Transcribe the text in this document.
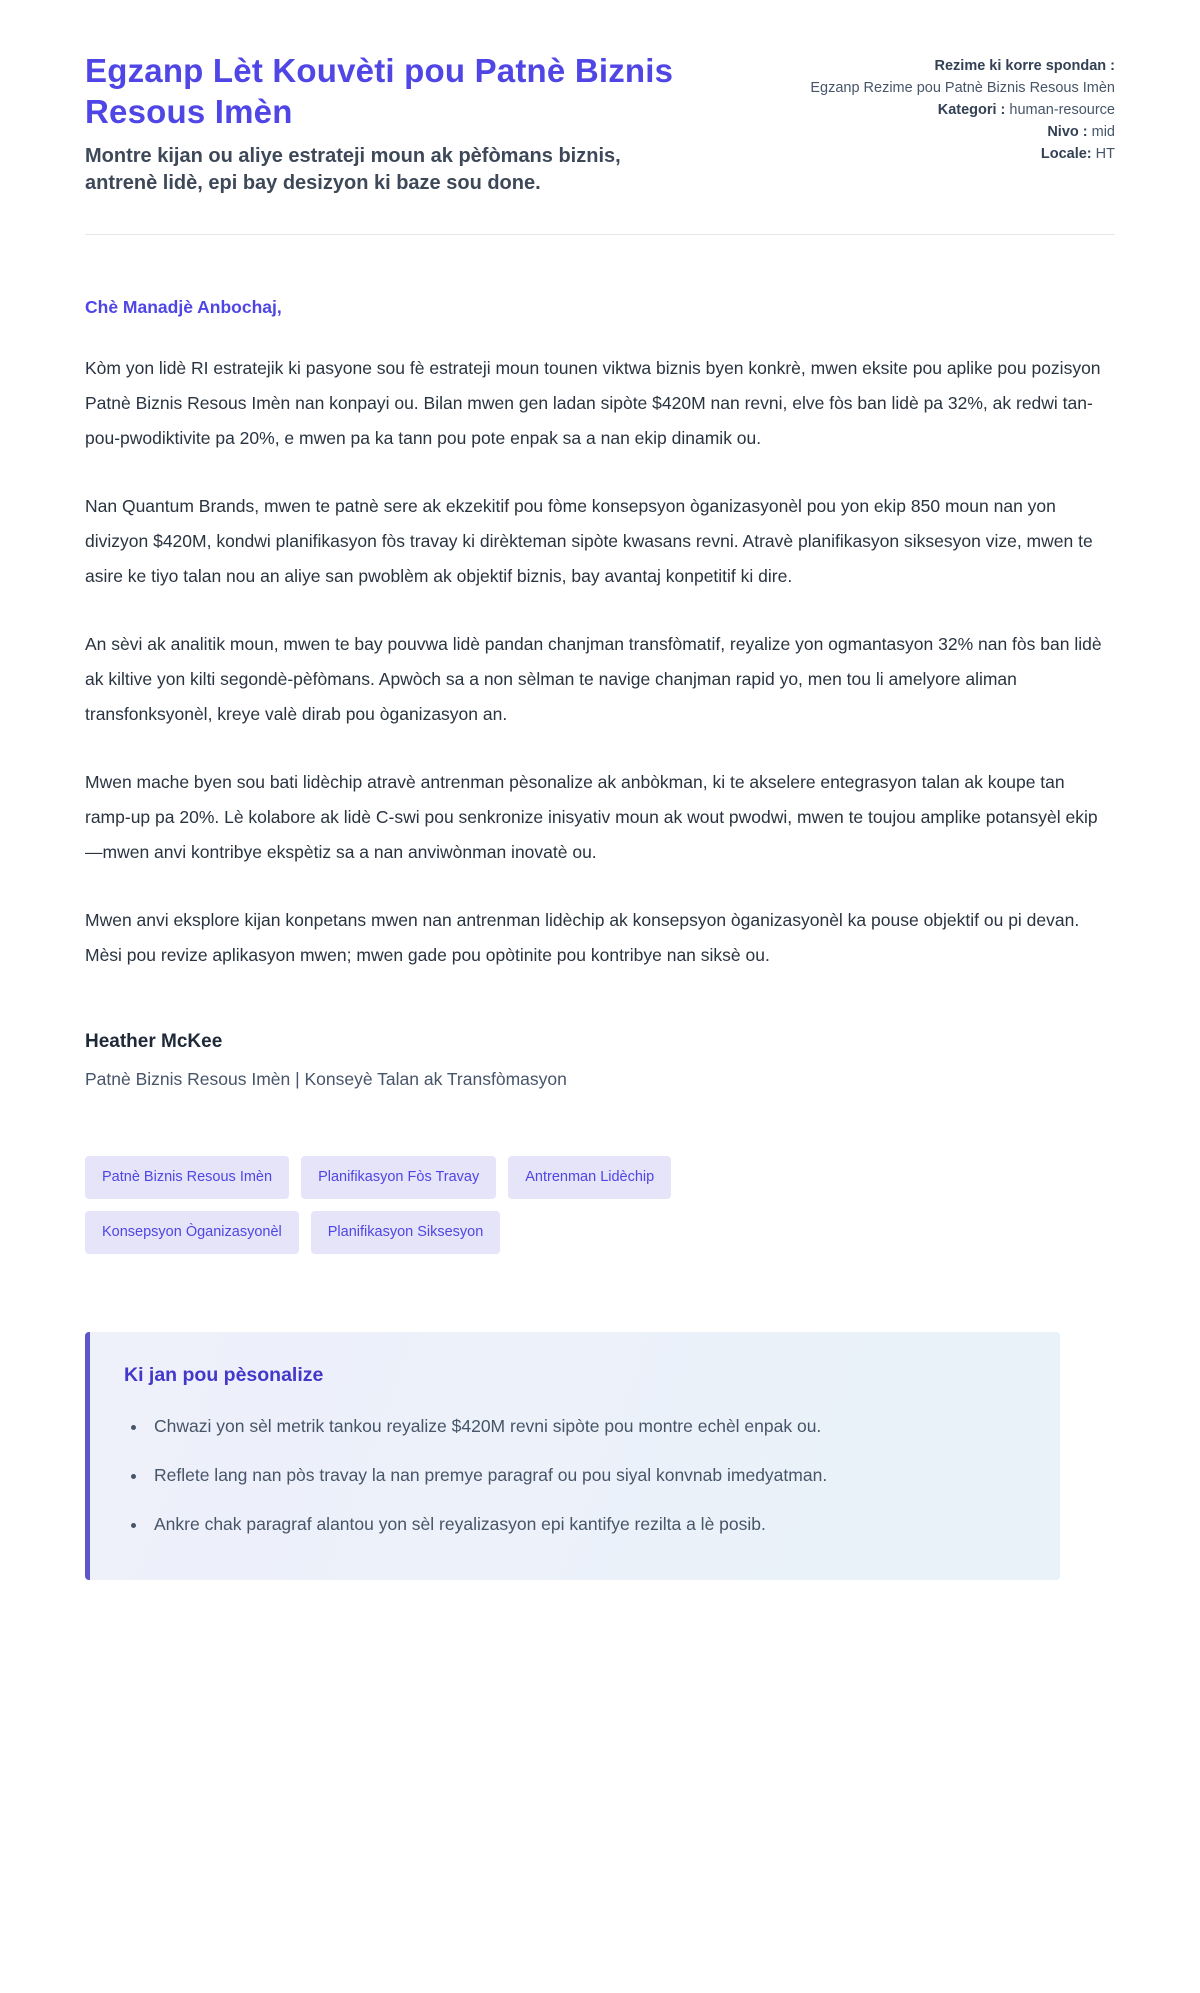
Egzanp Lèt Kouvèti pou Patnè Biznis Resous Imèn
Montre kijan ou aliye estrateji moun ak pèfòmans biznis, antrenè lidè, epi bay desizyon ki baze sou done.
Rezime ki korre spondan :
Egzanp Rezime pou Patnè Biznis Resous Imèn
Kategori : human-resource
Nivo : mid
Locale: HT
Chè Manadjè Anbochaj,

Kòm yon lidè RI estratejik ki pasyone sou fè estrateji moun tounen viktwa biznis byen konkrè, mwen eksite pou aplike pou pozisyon Patnè Biznis Resous Imèn nan konpayi ou. Bilan mwen gen ladan sipòte $420M nan revni, elve fòs ban lidè pa 32%, ak redwi tan-pou-pwodiktivite pa 20%, e mwen pa ka tann pou pote enpak sa a nan ekip dinamik ou.

Nan Quantum Brands, mwen te patnè sere ak ekzekitif pou fòme konsepsyon òganizasyonèl pou yon ekip 850 moun nan yon divizyon $420M, kondwi planifikasyon fòs travay ki dirèkteman sipòte kwasans revni. Atravè planifikasyon siksesyon vize, mwen te asire ke tiyo talan nou an aliye san pwoblèm ak objektif biznis, bay avantaj konpetitif ki dire.

An sèvi ak analitik moun, mwen te bay pouvwa lidè pandan chanjman transfòmatif, reyalize yon ogmantasyon 32% nan fòs ban lidè ak kiltive yon kilti segondè-pèfòmans. Apwòch sa a non sèlman te navige chanjman rapid yo, men tou li amelyore aliman transfonksyonèl, kreye valè dirab pou òganizasyon an.

Mwen mache byen sou bati lidèchip atravè antrenman pèsonalize ak anbòkman, ki te akselere entegrasyon talan ak koupe tan ramp-up pa 20%. Lè kolabore ak lidè C-swi pou senkronize inisyativ moun ak wout pwodwi, mwen te toujou amplike potansyèl ekip—mwen anvi kontribye ekspètiz sa a nan anviwònman inovatè ou.

Mwen anvi eksplore kijan konpetans mwen nan antrenman lidèchip ak konsepsyon òganizasyonèl ka pouse objektif ou pi devan. Mèsi pou revize aplikasyon mwen; mwen gade pou opòtinite pou kontribye nan siksè ou.

Heather McKee
Patnè Biznis Resous Imèn | Konseyè Talan ak Transfòmasyon
Patnè Biznis Resous Imèn	Planifikasyon Fòs Travay	Antrenman Lidèchip
Konsepsyon Òganizasyonèl	Planifikasyon Siksesyon
Ki jan pou pèsonalize
• Chwazi yon sèl metrik tankou reyalize $420M revni sipòte pou montre echèl enpak ou.
• Reflete lang nan pòs travay la nan premye paragraf ou pou siyal konvnab imedyatman.
• Ankre chak paragraf alantou yon sèl reyalizasyon epi kantifye rezilta a lè posib.
